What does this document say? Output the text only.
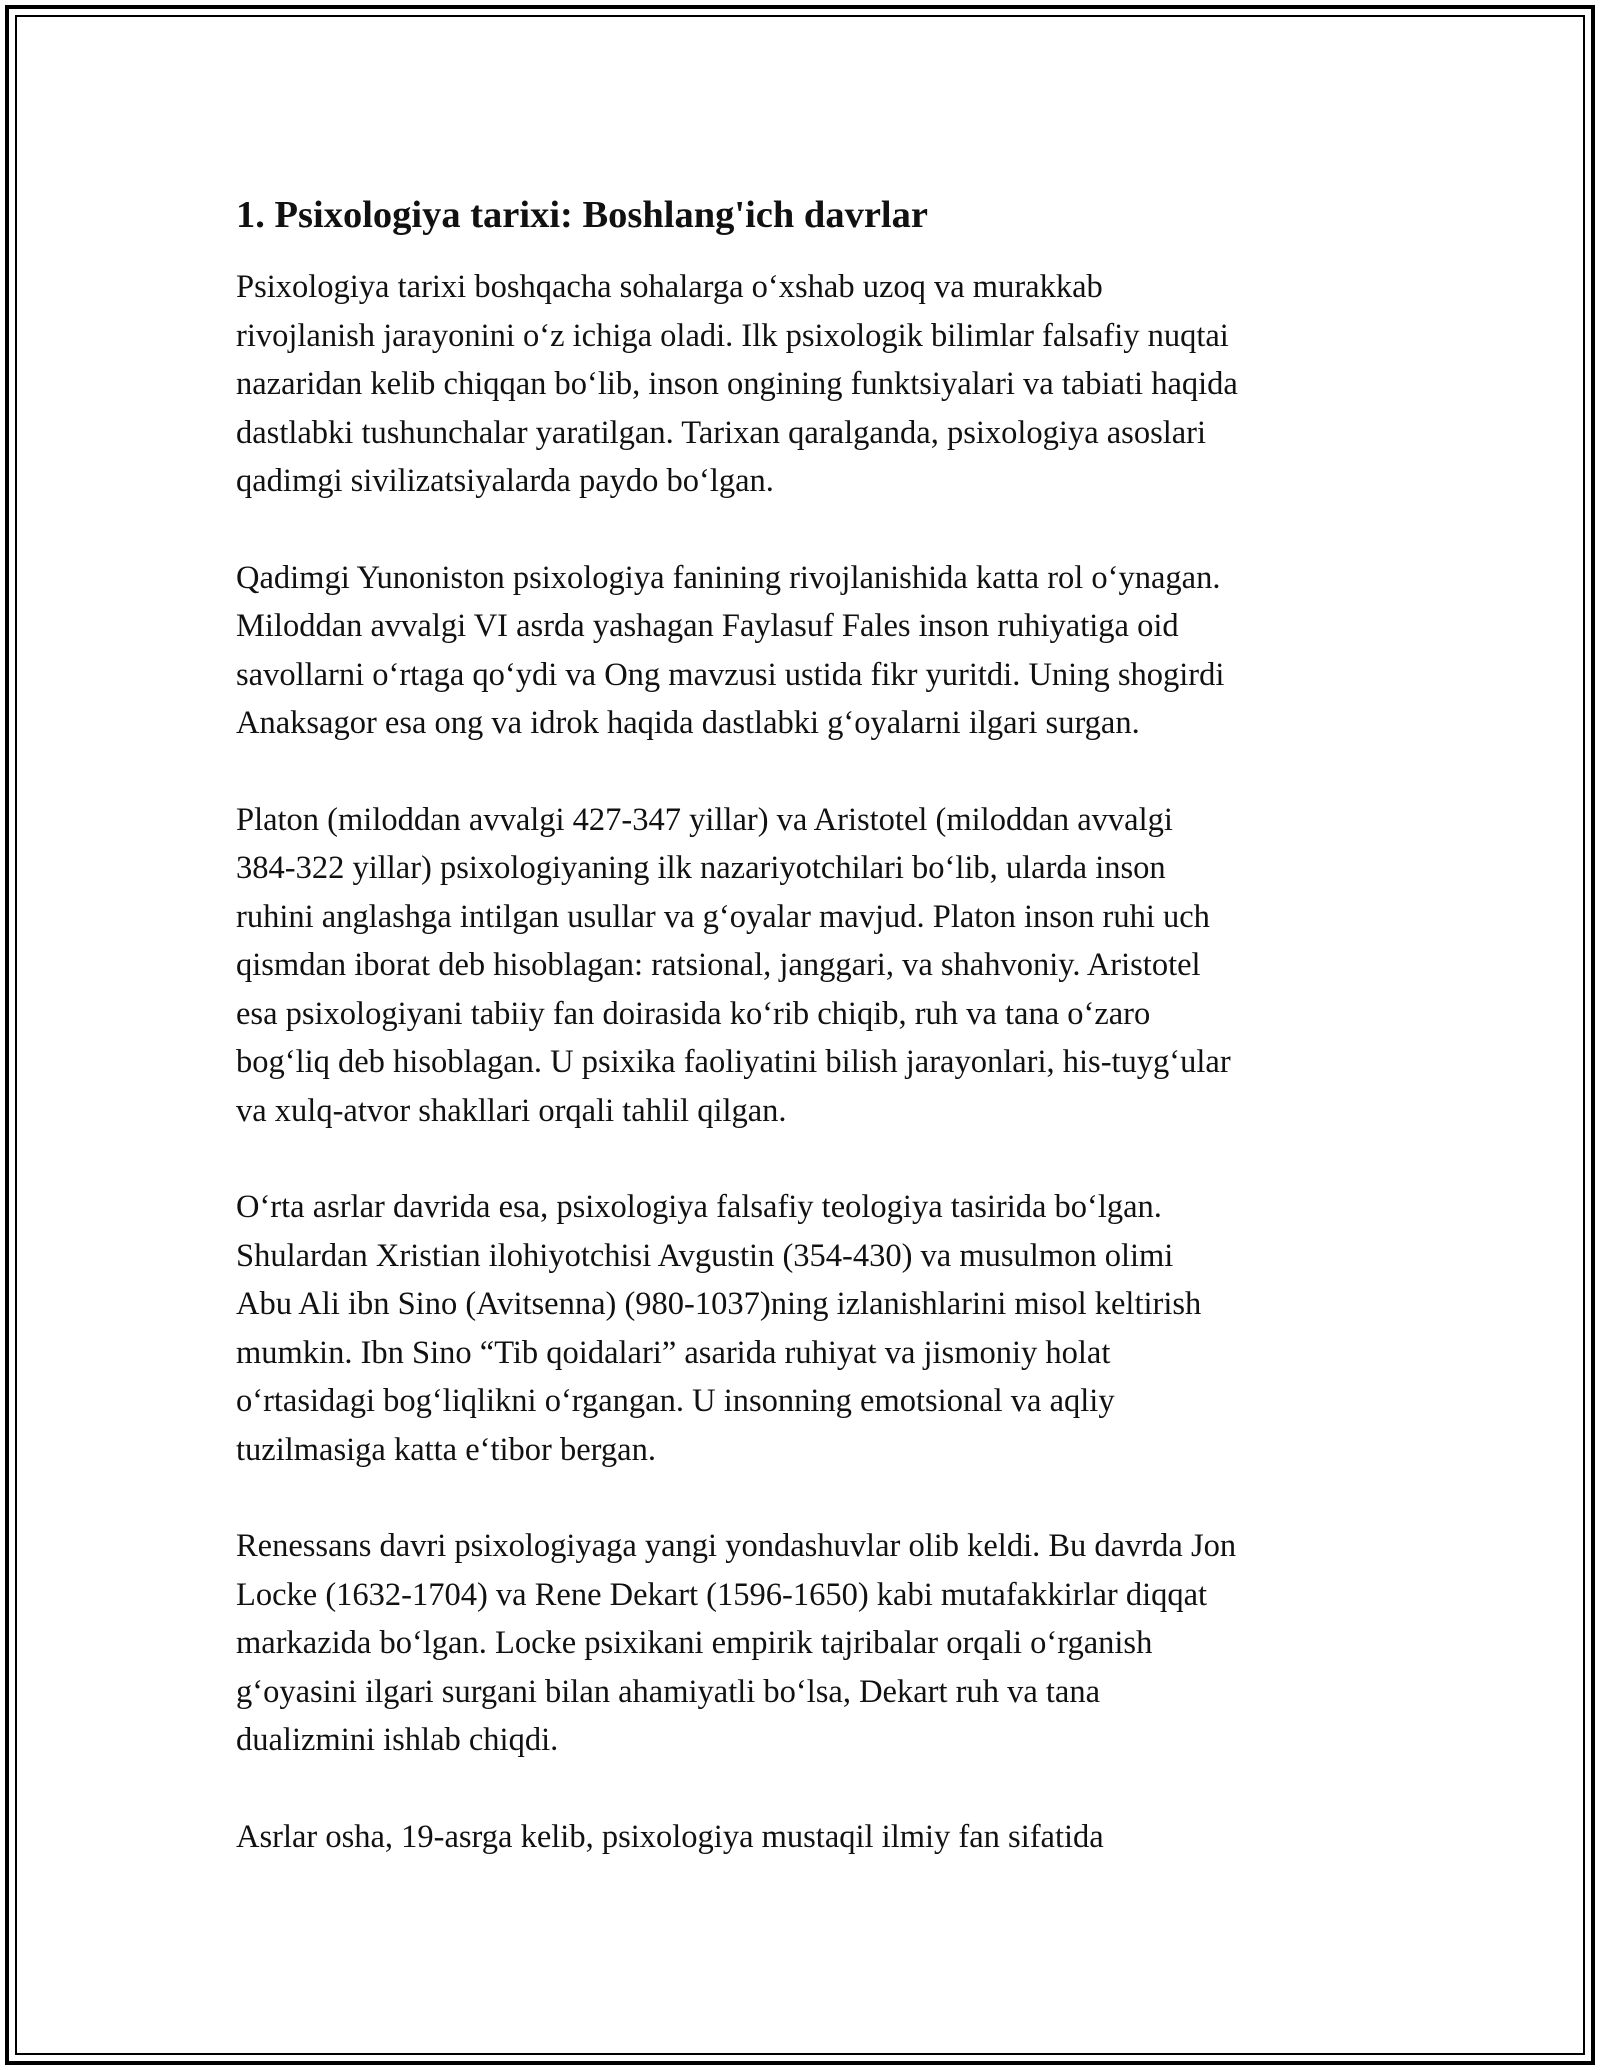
1. Psixologiya tarixi: Boshlang'ich davrlar

Psixologiya tarixi boshqacha sohalarga oʻxshab uzoq va murakkab
rivojlanish jarayonini oʻz ichiga oladi. Ilk psixologik bilimlar falsafiy nuqtai
nazaridan kelib chiqqan boʻlib, inson ongining funktsiyalari va tabiati haqida
dastlabki tushunchalar yaratilgan. Tarixan qaralganda, psixologiya asoslari
qadimgi sivilizatsiyalarda paydo boʻlgan.

Qadimgi Yunoniston psixologiya fanining rivojlanishida katta rol oʻynagan.
Miloddan avvalgi VI asrda yashagan Faylasuf Fales inson ruhiyatiga oid
savollarni oʻrtaga qoʻydi va Ong mavzusi ustida fikr yuritdi. Uning shogirdi
Anaksagor esa ong va idrok haqida dastlabki gʻoyalarni ilgari surgan.

Platon (miloddan avvalgi 427-347 yillar) va Aristotel (miloddan avvalgi
384-322 yillar) psixologiyaning ilk nazariyotchilari boʻlib, ularda inson
ruhini anglashga intilgan usullar va gʻoyalar mavjud. Platon inson ruhi uch
qismdan iborat deb hisoblagan: ratsional, janggari, va shahvoniy. Aristotel
esa psixologiyani tabiiy fan doirasida koʻrib chiqib, ruh va tana oʻzaro
bogʻliq deb hisoblagan. U psixika faoliyatini bilish jarayonlari, his-tuygʻular
va xulq-atvor shakllari orqali tahlil qilgan.

Oʻrta asrlar davrida esa, psixologiya falsafiy teologiya tasirida boʻlgan.
Shulardan Xristian ilohiyotchisi Avgustin (354-430) va musulmon olimi
Abu Ali ibn Sino (Avitsenna) (980-1037)ning izlanishlarini misol keltirish
mumkin. Ibn Sino “Tib qoidalari” asarida ruhiyat va jismoniy holat
oʻrtasidagi bogʻliqlikni oʻrgangan. U insonning emotsional va aqliy
tuzilmasiga katta eʻtibor bergan.

Renessans davri psixologiyaga yangi yondashuvlar olib keldi. Bu davrda Jon
Locke (1632-1704) va Rene Dekart (1596-1650) kabi mutafakkirlar diqqat
markazida boʻlgan. Locke psixikani empirik tajribalar orqali oʻrganish
gʻoyasini ilgari surgani bilan ahamiyatli boʻlsa, Dekart ruh va tana
dualizmini ishlab chiqdi.

Asrlar osha, 19-asrga kelib, psixologiya mustaqil ilmiy fan sifatida
